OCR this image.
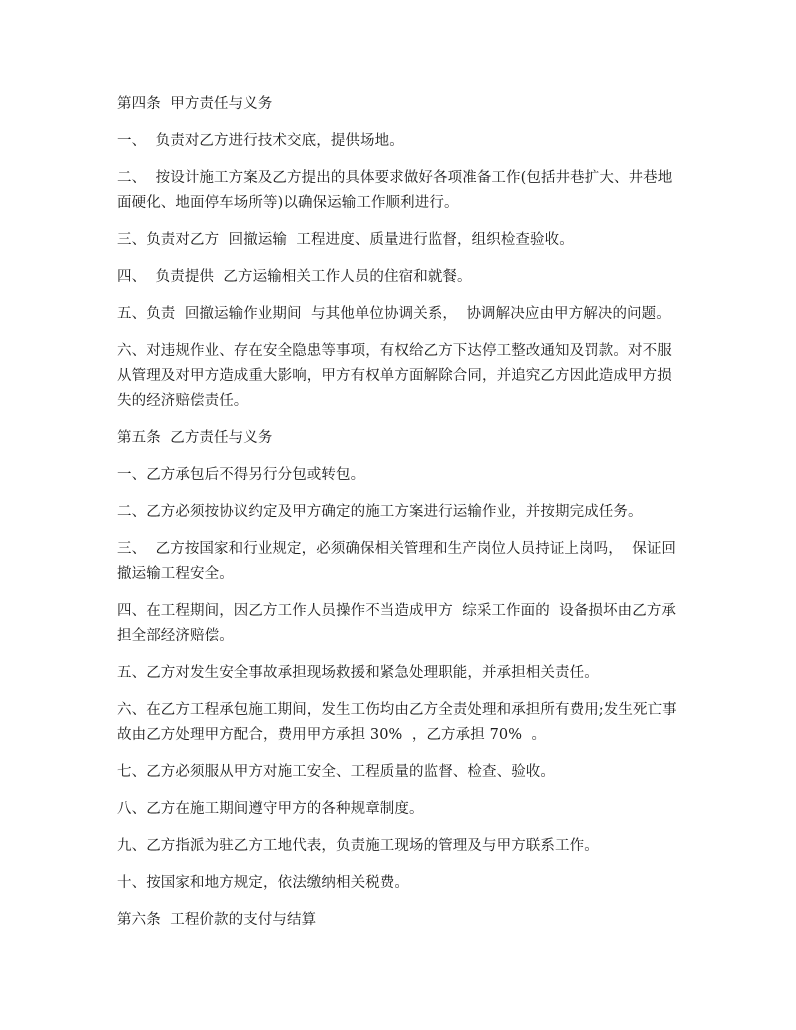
第四条  甲方责任与义务

一、  负责对乙方进行技术交底，提供场地。

二、  按设计施工方案及乙方提出的具体要求做好各项准备工作(包括井巷扩大、井巷地面硬化、地面停车场所等)以确保运输工作顺利进行。

三、负责对乙方  回撤运输  工程进度、质量进行监督，组织检查验收。

四、  负责提供  乙方运输相关工作人员的住宿和就餐。

五、负责  回撤运输作业期间  与其他单位协调关系，  协调解决应由甲方解决的问题。

六、对违规作业、存在安全隐患等事项，有权给乙方下达停工整改通知及罚款。对不服从管理及对甲方造成重大影响，甲方有权单方面解除合同，并追究乙方因此造成甲方损失的经济赔偿责任。

第五条  乙方责任与义务

一、乙方承包后不得另行分包或转包。

二、乙方必须按协议约定及甲方确定的施工方案进行运输作业，并按期完成任务。

三、  乙方按国家和行业规定，必须确保相关管理和生产岗位人员持证上岗吗，  保证回撤运输工程安全。

四、在工程期间，因乙方工作人员操作不当造成甲方  综采工作面的  设备损坏由乙方承担全部经济赔偿。

五、乙方对发生安全事故承担现场救援和紧急处理职能，并承担相关责任。

六、在乙方工程承包施工期间，发生工伤均由乙方全责处理和承担所有费用;发生死亡事故由乙方处理甲方配合，费用甲方承担 30%  ，乙方承担 70%  。

七、乙方必须服从甲方对施工安全、工程质量的监督、检查、验收。

八、乙方在施工期间遵守甲方的各种规章制度。

九、乙方指派为驻乙方工地代表，负责施工现场的管理及与甲方联系工作。

十、按国家和地方规定，依法缴纳相关税费。

第六条  工程价款的支付与结算
